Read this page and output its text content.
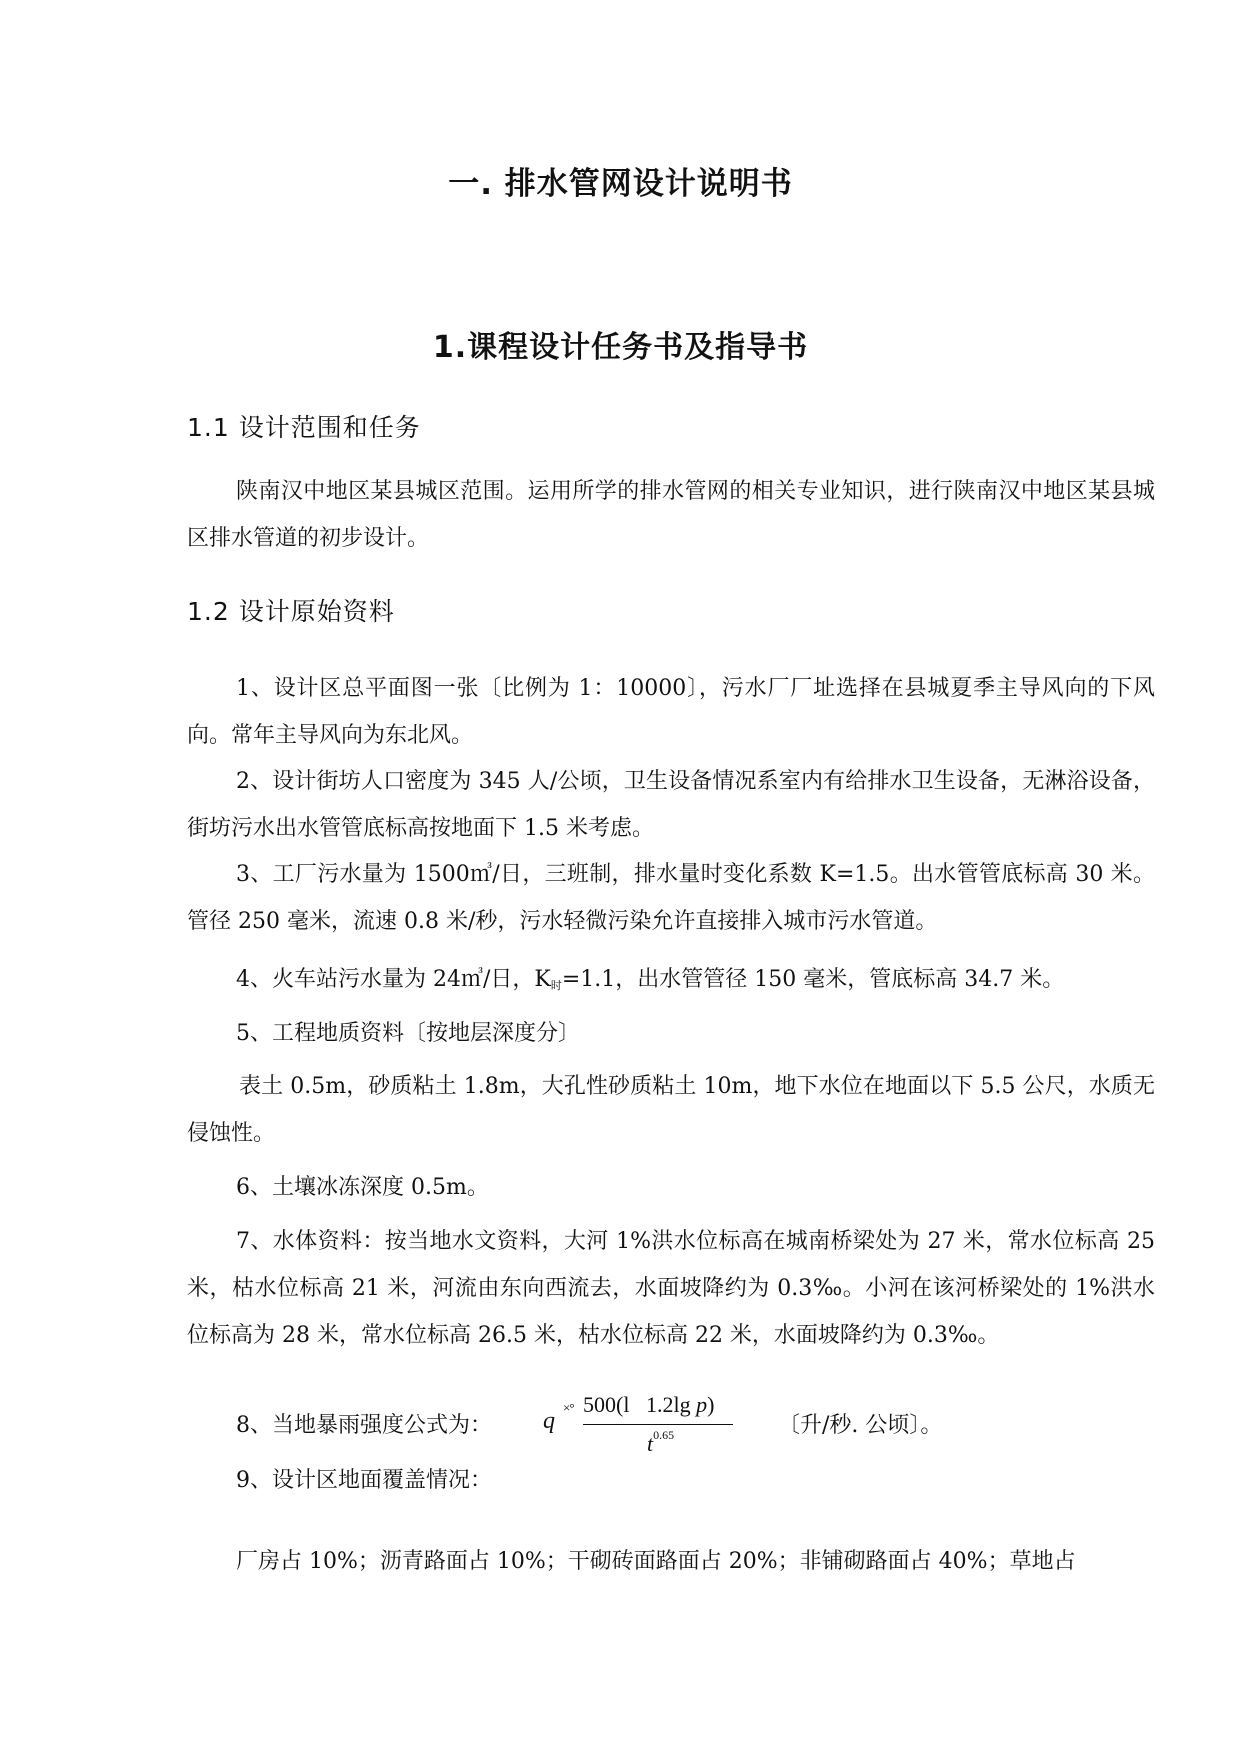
一. 排水管网设计说明书
1.课程设计任务书及指导书
1.1 设计范围和任务

陕南汉中地区某县城区范围。运用所学的排水管网的相关专业知识，进行陕南汉中地区某县城区排水管道的初步设计。

1.2 设计原始资料

1、设计区总平面图一张〔比例为 1：10000〕，污水厂厂址选择在县城夏季主导风向的下风向。常年主导风向为东北风。

2、设计街坊人口密度为 345 人/公顷，卫生设备情况系室内有给排水卫生设备，无淋浴设备，街坊污水出水管管底标高按地面下 1.5 米考虑。

3、工厂污水量为 1500㎥/日，三班制，排水量时变化系数 K=1.5。出水管管底标高 30 米。管径 250 毫米，流速 0.8 米/秒，污水轻微污染允许直接排入城市污水管道。

4、火车站污水量为 24㎥/日，$K_时=1.1$，出水管管径 150 毫米，管底标高 34.7 米。

5、工程地质资料〔按地层深度分〕

表土 0.5m，砂质粘土 1.8m，大孔性砂质粘土 10m，地下水位在地面以下 5.5 公尺，水质无侵蚀性。

6、土壤冰冻深度 0.5m。

7、水体资料：按当地水文资料，大河 1%洪水位标高在城南桥梁处为 27 米，常水位标高 25 米，枯水位标高 21 米，河流由东向西流去，水面坡降约为 0.3‰。小河在该河桥梁处的 1%洪水位标高为 28 米，常水位标高 26.5 米，枯水位标高 22 米，水面坡降约为 0.3‰。

8、当地暴雨强度公式为： q
×° 500(l 1.2lg p)
$t^{0.65}$	〔升/秒. 公顷〕。

9、设计区地面覆盖情况：

厂房占 10%；沥青路面占 10%；干砌砖面路面占 20%；非铺砌路面占 40%；草地占
